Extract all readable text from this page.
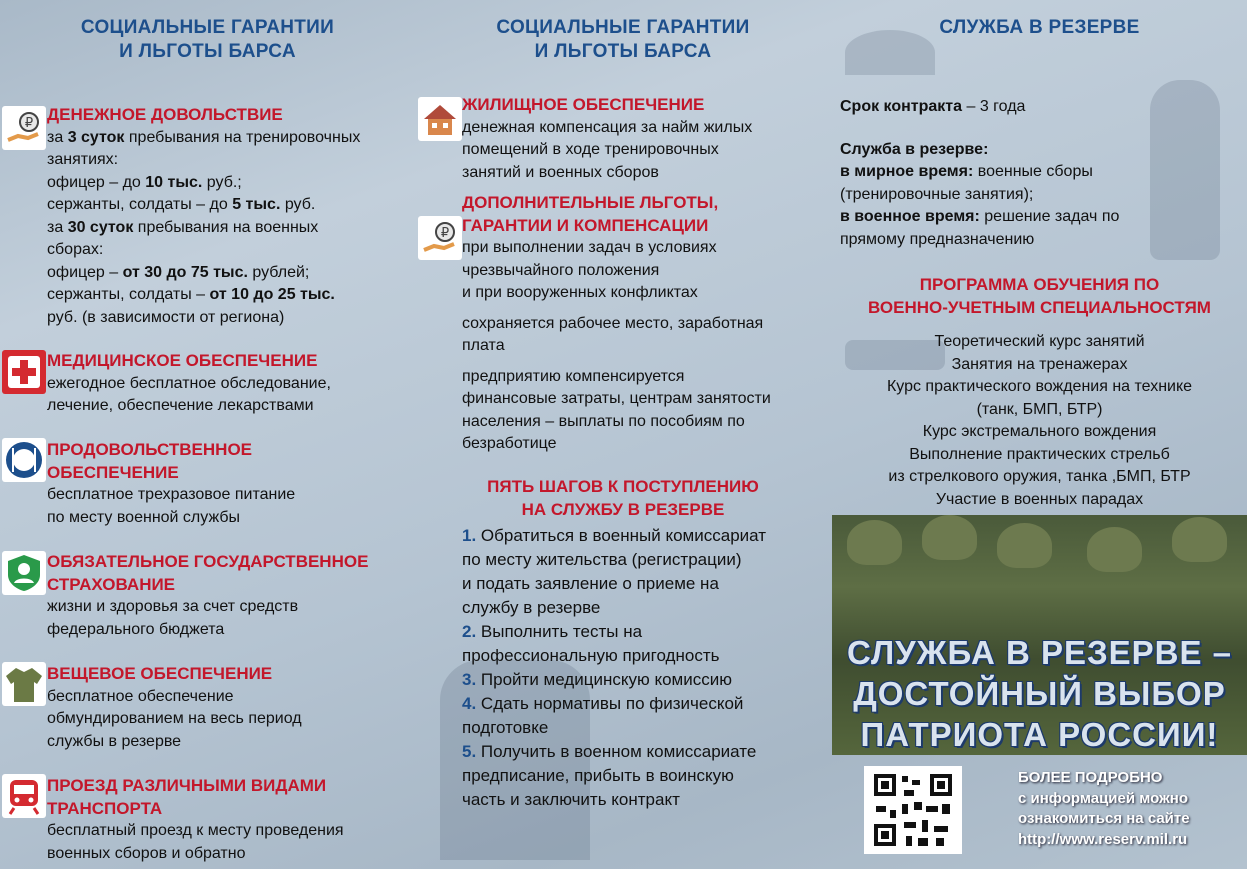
СОЦИАЛЬНЫЕ ГАРАНТИИ
И ЛЬГОТЫ БАРСА
₽ ДЕНЕЖНОЕ ДОВОЛЬСТВИЕ
за 3 суток пребывания на тренировочных
занятиях:
офицер – до 10 тыс. руб.;
сержанты, солдаты – до 5 тыс. руб.
за 30 суток пребывания на военных
сборах:
офицер – от 30 до 75 тыс. рублей;
сержанты, солдаты – от 10 до 25 тыс.
руб. (в зависимости от региона)
МЕДИЦИНСКОЕ ОБЕСПЕЧЕНИЕ
ежегодное бесплатное обследование,
лечение, обеспечение лекарствами
ПРОДОВОЛЬСТВЕННОЕ
ОБЕСПЕЧЕНИЕ
бесплатное трехразовое питание
по месту военной службы
ОБЯЗАТЕЛЬНОЕ ГОСУДАРСТВЕННОЕ
СТРАХОВАНИЕ
жизни и здоровья за счет средств
федерального бюджета
ВЕЩЕВОЕ ОБЕСПЕЧЕНИЕ
бесплатное обеспечение
обмундированием на весь период
службы в резерве
ПРОЕЗД РАЗЛИЧНЫМИ ВИДАМИ
ТРАНСПОРТА
бесплатный проезд к месту проведения
военных сборов и обратно
СОЦИАЛЬНЫЕ ГАРАНТИИ
И ЛЬГОТЫ БАРСА
ЖИЛИЩНОЕ ОБЕСПЕЧЕНИЕ
денежная компенсация за найм жилых
помещений в ходе тренировочных
занятий и военных сборов
₽
ДОПОЛНИТЕЛЬНЫЕ ЛЬГОТЫ,
ГАРАНТИИ И КОМПЕНСАЦИИ
при выполнении задач в условиях
чрезвычайного положения
и при вооруженных конфликтах
сохраняется рабочее место, заработная
плата
предприятию компенсируется
финансовые затраты, центрам занятости
населения – выплаты по пособиям по
безработице
ПЯТЬ ШАГОВ К ПОСТУПЛЕНИЮ
НА СЛУЖБУ В РЕЗЕРВЕ
1. Обратиться в военный комиссариат
по месту жительства (регистрации)
и подать заявление о приеме на
службу в резерве
2. Выполнить тесты на
профессиональную пригодность
3. Пройти медицинскую комиссию
4. Сдать нормативы по физической
подготовке
5. Получить в военном комиссариате
предписание, прибыть в воинскую
часть и заключить контракт
СЛУЖБА В РЕЗЕРВЕ
Срок контракта – 3 года
Служба в резерве:
в мирное время: военные сборы
(тренировочные занятия);
в военное время: решение задач по
прямому предназначению
ПРОГРАММА ОБУЧЕНИЯ ПО
ВОЕННО-УЧЕТНЫМ СПЕЦИАЛЬНОСТЯМ
Теоретический курс занятий
Занятия на тренажерах
Курс практического вождения на технике
(танк, БМП, БТР)
Курс экстремального вождения
Выполнение практических стрельб
из стрелкового оружия, танка ,БМП, БТР
Участие в военных парадах
СЛУЖБА В РЕЗЕРВЕ –
ДОСТОЙНЫЙ ВЫБОР
ПАТРИОТА РОССИИ!
БОЛЕЕ ПОДРОБНО
с информацией можно
ознакомиться на сайте
http://www.reserv.mil.ru
